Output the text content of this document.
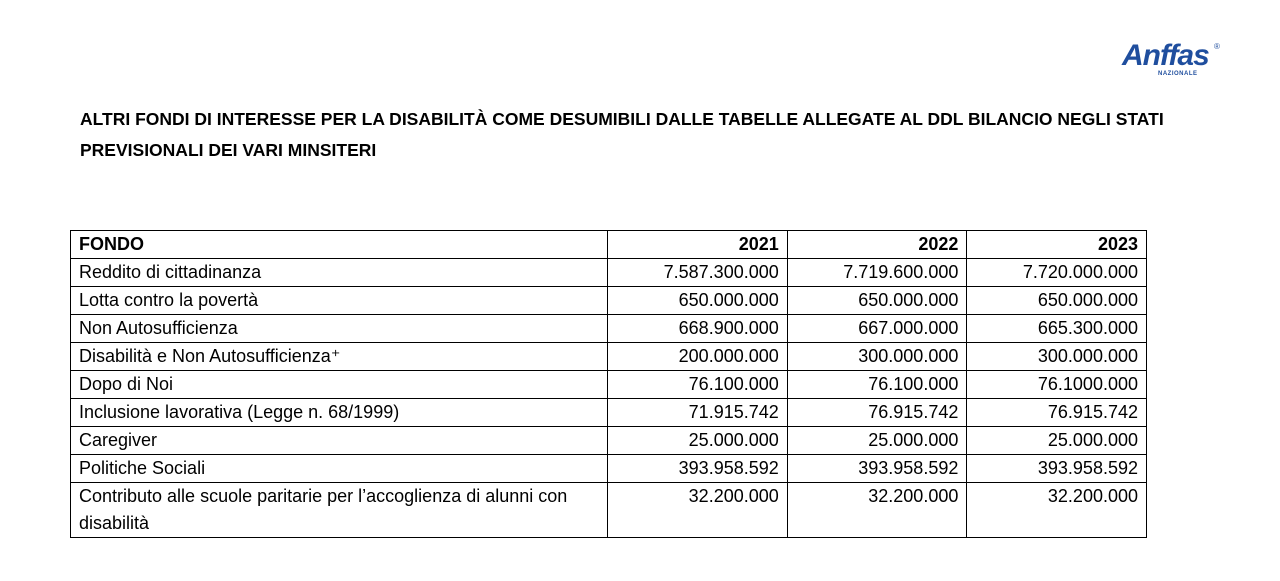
Anffas ®
NAZIONALE
ALTRI FONDI DI INTERESSE PER LA DISABILITÀ COME DESUMIBILI DALLE TABELLE ALLEGATE AL DDL BILANCIO NEGLI STATI PREVISIONALI DEI VARI MINSITERI
FONDO	2021	2022	2023
Reddito di cittadinanza	7.587.300.000	7.719.600.000	7.720.000.000
Lotta contro la povertà	650.000.000	650.000.000	650.000.000
Non Autosufficienza	668.900.000	667.000.000	665.300.000
Disabilità e Non Autosufficienza⁺	200.000.000	300.000.000	300.000.000
Dopo di Noi	76.100.000	76.100.000	76.1000.000
Inclusione lavorativa (Legge n. 68/1999)	71.915.742	76.915.742	76.915.742
Caregiver	25.000.000	25.000.000	25.000.000
Politiche Sociali	393.958.592	393.958.592	393.958.592
Contributo alle scuole paritarie per l’accoglienza di alunni con disabilità	32.200.000	32.200.000	32.200.000
